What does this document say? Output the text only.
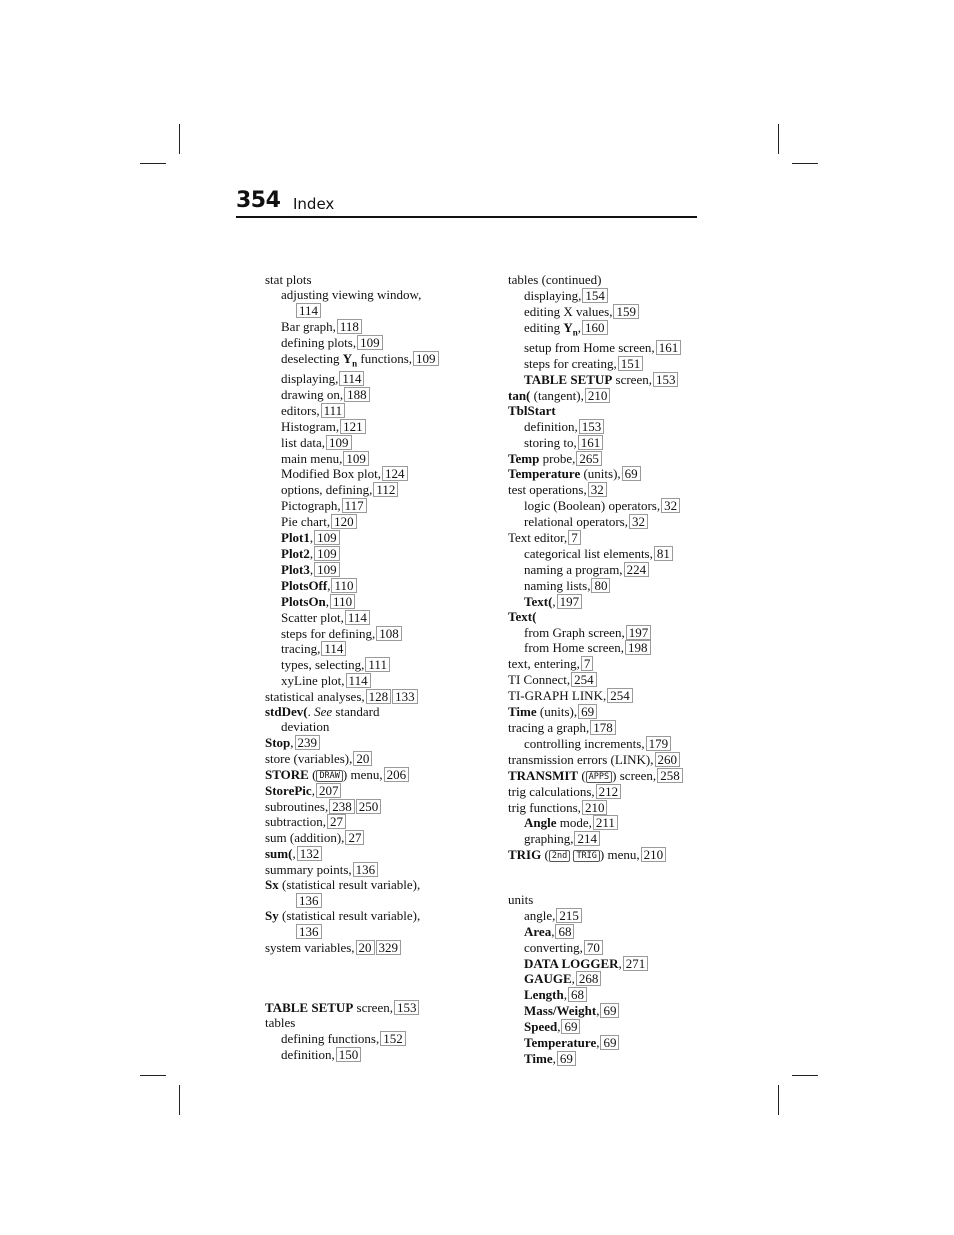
354 Index
stat plots
adjusting viewing window,
114
Bar graph, 118
defining plots, 109
deselecting $Y_n$ functions, 109
displaying, 114
drawing on, 188
editors, 111
Histogram, 121
list data, 109
main menu, 109
Modified Box plot, 124
options, defining, 112
Pictograph, 117
Pie chart, 120
Plot1, 109
Plot2, 109
Plot3, 109
PlotsOff, 110
PlotsOn, 110
Scatter plot, 114
steps for defining, 108
tracing, 114
types, selecting, 111
xyLine plot, 114
statistical analyses, 128 133
stdDev(. See standard
deviation
Stop, 239
store (variables), 20
STORE ( DRAW ) menu, 206
StorePic, 207
subroutines, 238 250
subtraction, 27
sum (addition), 27
sum(, 132
summary points, 136
Sx (statistical result variable),
136
Sy (statistical result variable),
136
system variables, 20 329
TABLE SETUP screen, 153
tables
defining functions, 152
definition, 150
tables (continued)
displaying, 154
editing X values, 159
editing $Y_n$, 160
setup from Home screen, 161
steps for creating, 151
TABLE SETUP screen, 153
tan( (tangent), 210
TblStart
definition, 153
storing to, 161
Temp probe, 265
Temperature (units), 69
test operations, 32
logic (Boolean) operators, 32
relational operators, 32
Text editor, 7
categorical list elements, 81
naming a program, 224
naming lists, 80
Text(, 197
Text(
from Graph screen, 197
from Home screen, 198
text, entering, 7
TI Connect, 254
TI-GRAPH LINK, 254
Time (units), 69
tracing a graph, 178
controlling increments, 179
transmission errors (LINK), 260
TRANSMIT ( APPS ) screen, 258
trig calculations, 212
trig functions, 210
Angle mode, 211
graphing, 214
TRIG ( 2nd TRIG ) menu, 210
units
angle, 215
Area, 68
converting, 70
DATA LOGGER, 271
GAUGE, 268
Length, 68
Mass/Weight, 69
Speed, 69
Temperature, 69
Time, 69
